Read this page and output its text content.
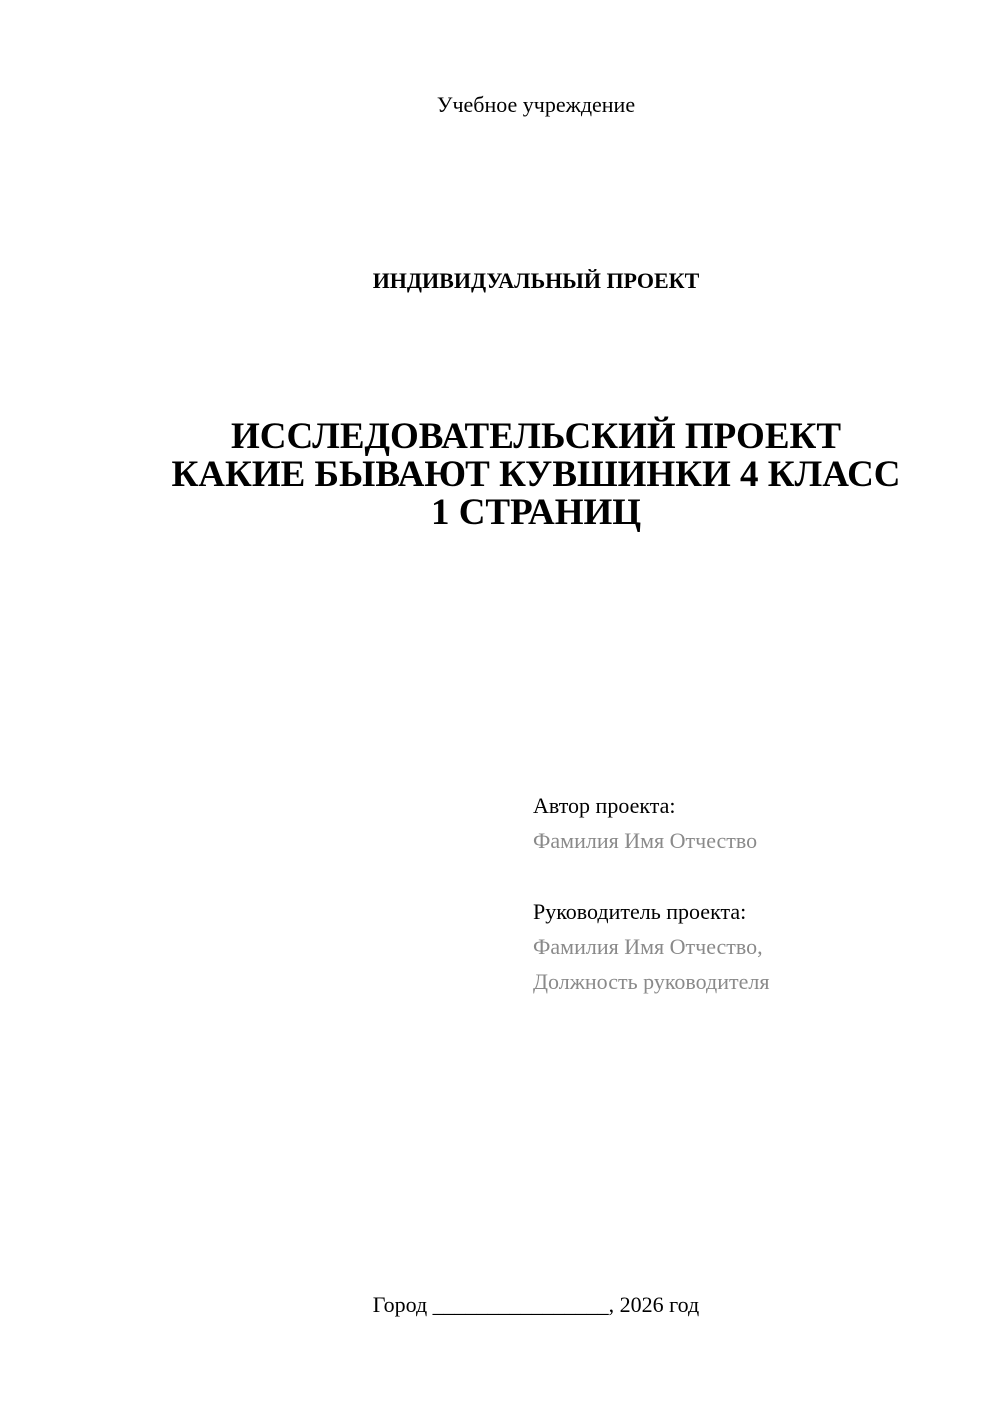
Учебное учреждение
ИНДИВИДУАЛЬНЫЙ ПРОЕКТ
ИССЛЕДОВАТЕЛЬСКИЙ ПРОЕКТ
КАКИЕ БЫВАЮТ КУВШИНКИ 4 КЛАСС
1 СТРАНИЦ
Автор проекта:
Фамилия Имя Отчество
Руководитель проекта:
Фамилия Имя Отчество,
Должность руководителя
Город ________________, 2026 год
